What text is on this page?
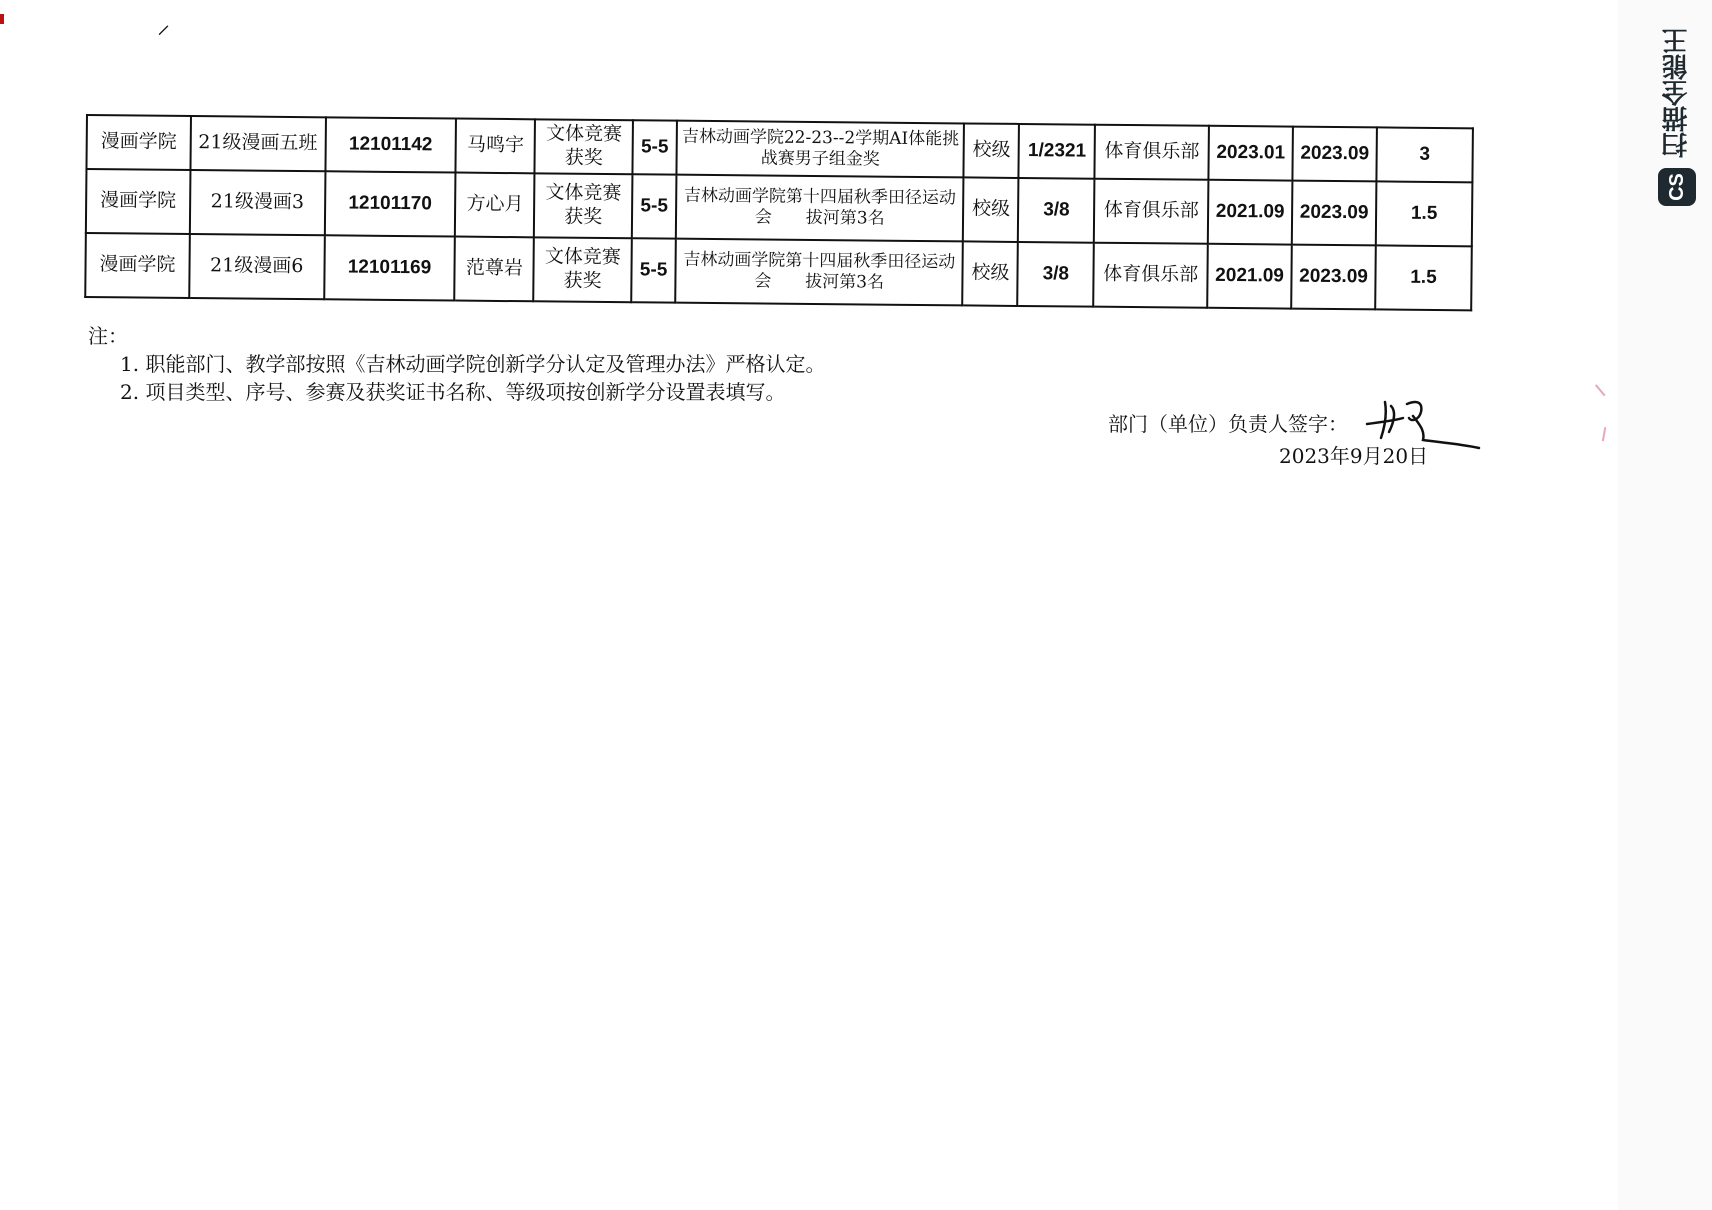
⸝
漫画学院	21级漫画五班	12101142	马鸣宇	文体竞赛获奖	5-5	吉林动画学院22-23--2学期AI体能挑战赛男子组金奖	校级	1/2321	体育俱乐部	2023.01	2023.09	3
漫画学院	21级漫画3	12101170	方心月	文体竞赛获奖	5-5	吉林动画学院第十四届秋季田径运动会　　拔河第3名	校级	3/8	体育俱乐部	2021.09	2023.09	1.5
漫画学院	21级漫画6	12101169	范尊岩	文体竞赛获奖	5-5	吉林动画学院第十四届秋季田径运动会　　拔河第3名	校级	3/8	体育俱乐部	2021.09	2023.09	1.5
注：
1. 职能部门、教学部按照《吉林动画学院创新学分认定及管理办法》严格认定。
2. 项目类型、序号、参赛及获奖证书名称、等级项按创新学分设置表填写。
部门（单位）负责人签字：
2023年9月20日
扫描全能王
CS
